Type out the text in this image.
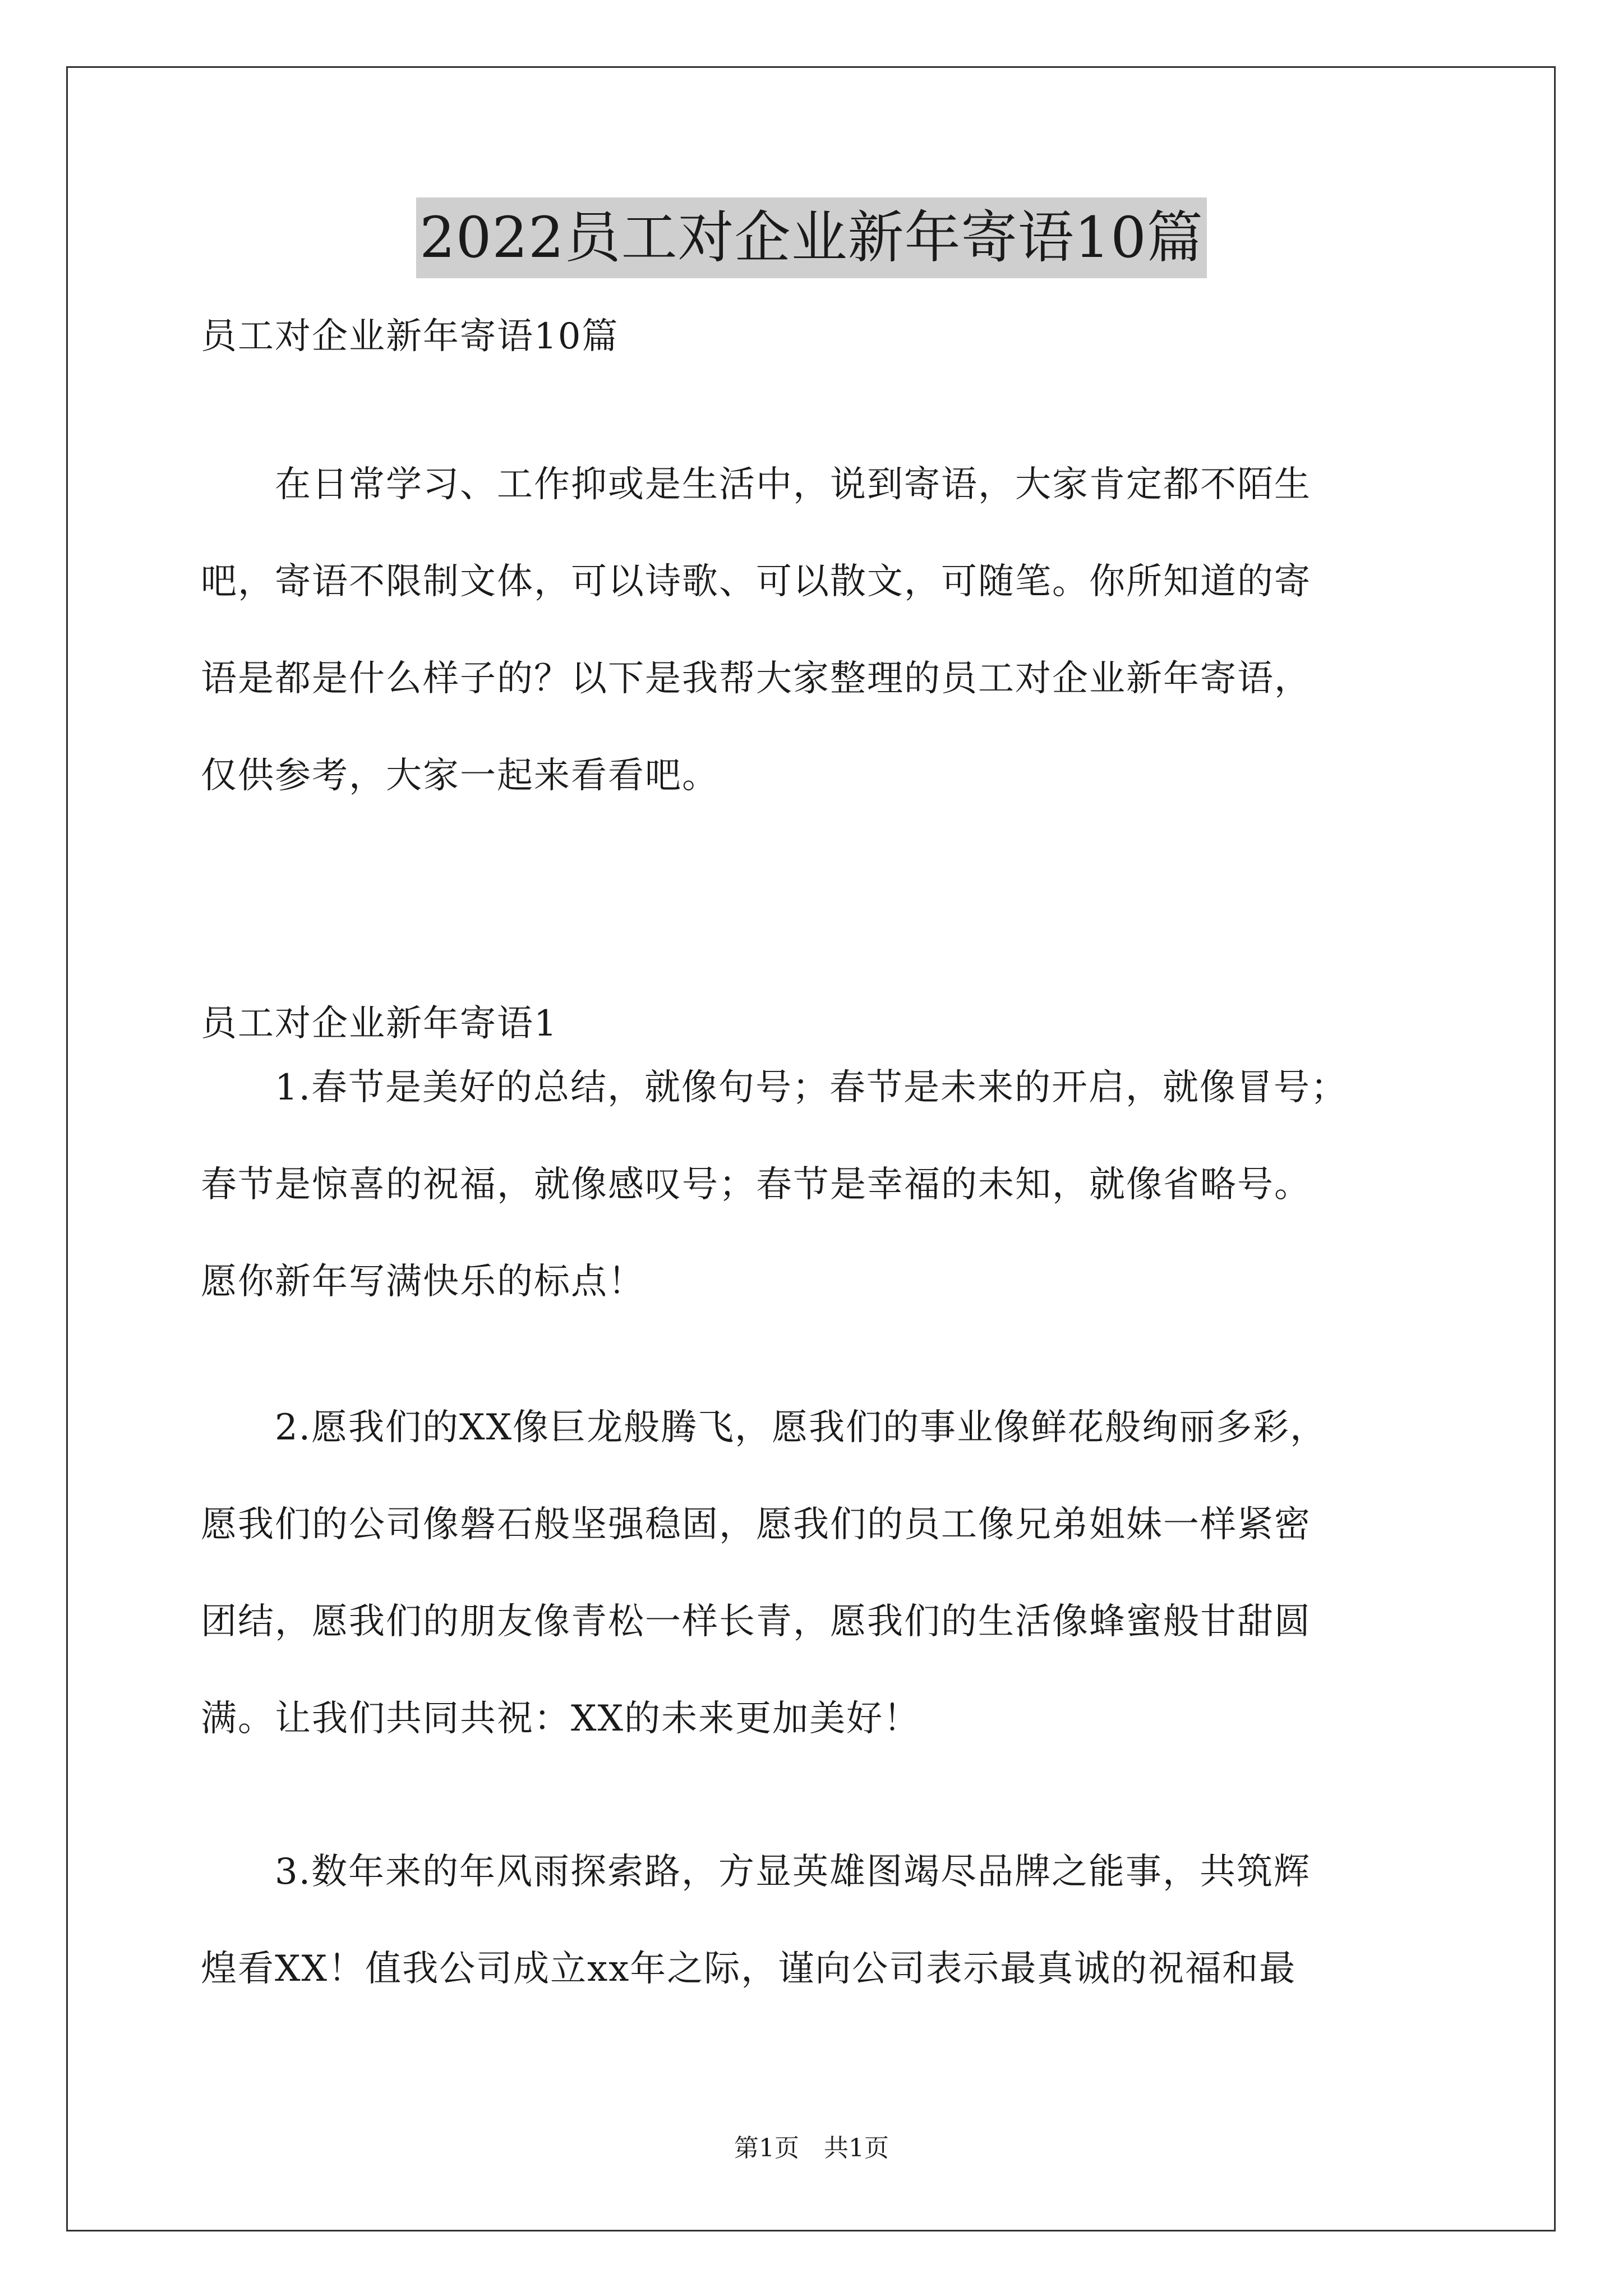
2022员工对企业新年寄语10篇
员工对企业新年寄语10篇
　　在日常学习、工作抑或是生活中，说到寄语，大家肯定都不陌生
吧，寄语不限制文体，可以诗歌、可以散文，可随笔。你所知道的寄
语是都是什么样子的？以下是我帮大家整理的员工对企业新年寄语，
仅供参考，大家一起来看看吧。
员工对企业新年寄语1
　　1.春节是美好的总结，就像句号；春节是未来的开启，就像冒号；
春节是惊喜的祝福，就像感叹号；春节是幸福的未知，就像省略号。
愿你新年写满快乐的标点！
　　2.愿我们的XX像巨龙般腾飞，愿我们的事业像鲜花般绚丽多彩，
愿我们的公司像磐石般坚强稳固，愿我们的员工像兄弟姐妹一样紧密
团结，愿我们的朋友像青松一样长青，愿我们的生活像蜂蜜般甘甜圆
满。让我们共同共祝：XX的未来更加美好！
　　3.数年来的年风雨探索路，方显英雄图竭尽品牌之能事，共筑辉
煌看XX！值我公司成立xx年之际，谨向公司表示最真诚的祝福和最
第1页　共1页
